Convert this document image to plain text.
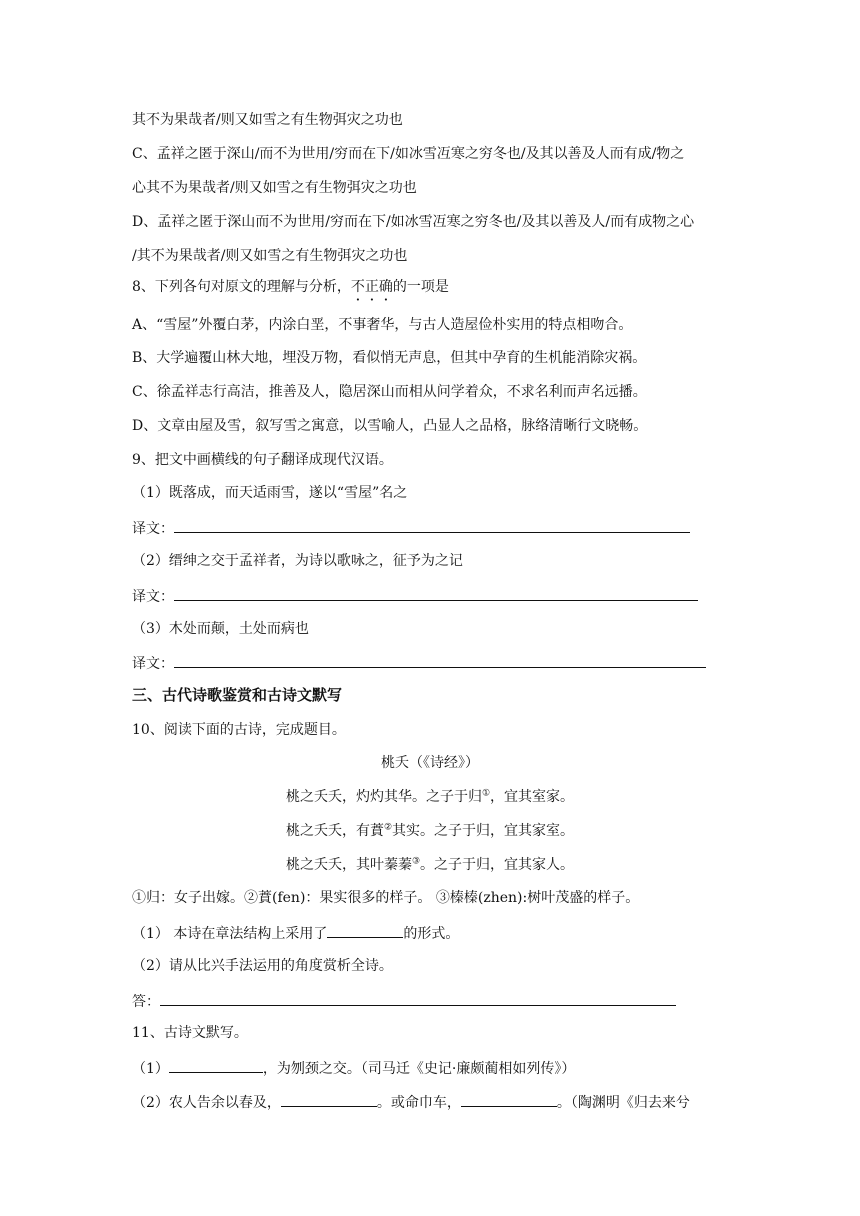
其不为果哉者/则又如雪之有生物弭灾之功也
C、孟祥之匿于深山/而不为世用/穷而在下/如冰雪冱寒之穷冬也/及其以善及人而有成/物之
心其不为果哉者/则又如雪之有生物弭灾之功也
D、孟祥之匿于深山而不为世用/穷而在下/如冰雪冱寒之穷冬也/及其以善及人/而有成物之心
/其不为果哉者/则又如雪之有生物弭灾之功也
8、下列各句对原文的理解与分析，不正确的一项是
A、“雪屋”外覆白茅，内涂白垩，不事奢华，与古人造屋俭朴实用的特点相吻合。
B、大学遍覆山林大地，埋没万物，看似悄无声息，但其中孕育的生机能消除灾祸。
C、徐孟祥志行高洁，推善及人，隐居深山而相从问学着众，不求名利而声名远播。
D、文章由屋及雪，叙写雪之寓意，以雪喻人，凸显人之品格，脉络清晰行文晓畅。
9、把文中画横线的句子翻译成现代汉语。
（1）既落成，而天适雨雪，遂以“雪屋”名之
译文：
（2）缙绅之交于孟祥者，为诗以歌咏之，征予为之记
译文：
（3）木处而颠，土处而病也
译文：
三、古代诗歌鉴赏和古诗文默写
10、阅读下面的古诗，完成题目。
桃夭（《诗经》）
桃之夭夭，灼灼其华。之子于归①，宜其室家。
桃之夭夭，有蕡②其实。之子于归，宜其家室。
桃之夭夭，其叶蓁蓁③。之子于归，宜其家人。
①归：女子出嫁。②蕡(fen)：果实很多的样子。 ③榛榛(zhen):树叶茂盛的样子。
（1） 本诗在章法结构上采用了	的形式。
（2）请从比兴手法运用的角度赏析全诗。
答：
11、古诗文默写。
（1）	，为刎颈之交。（司马迁《史记·廉颇蔺相如列传》）
（2）农人告余以春及，	。或命巾车，	。（陶渊明《归去来兮
